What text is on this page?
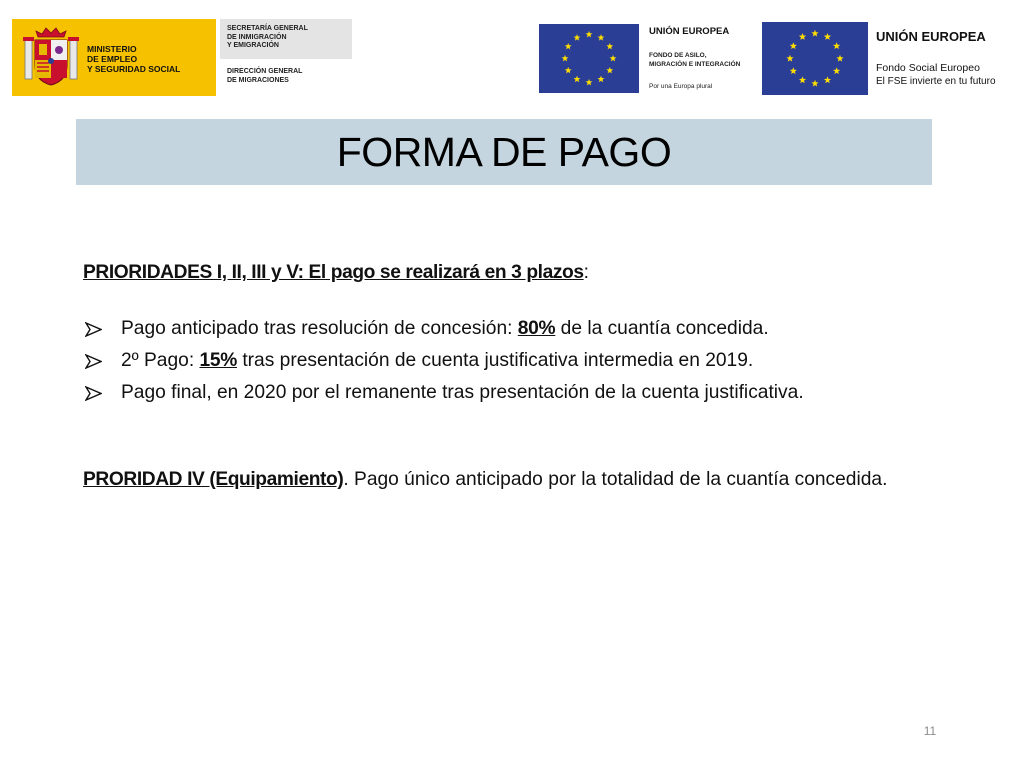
MINISTERIO
DE EMPLEO
Y SEGURIDAD SOCIAL

SECRETARÍA GENERAL
DE INMIGRACIÓN
Y EMIGRACIÓN

DIRECCIÓN GENERAL
DE MIGRACIONES

UNIÓN EUROPEA

FONDO DE ASILO,
MIGRACIÓN E INTEGRACIÓN

Por una Europa plural

UNIÓN EUROPEA

Fondo Social Europeo

El FSE invierte en tu futuro

FORMA DE PAGO

PRIORIDADES I, II, III y V: El pago se realizará en 3 plazos:

Pago anticipado tras resolución de concesión: 80% de la cuantía concedida.
2º Pago: 15% tras presentación de cuenta justificativa intermedia en 2019.
Pago final, en 2020 por el remanente tras presentación de la cuenta justificativa.

PRORIDAD IV (Equipamiento). Pago único anticipado por la totalidad de la cuantía concedida.

11
